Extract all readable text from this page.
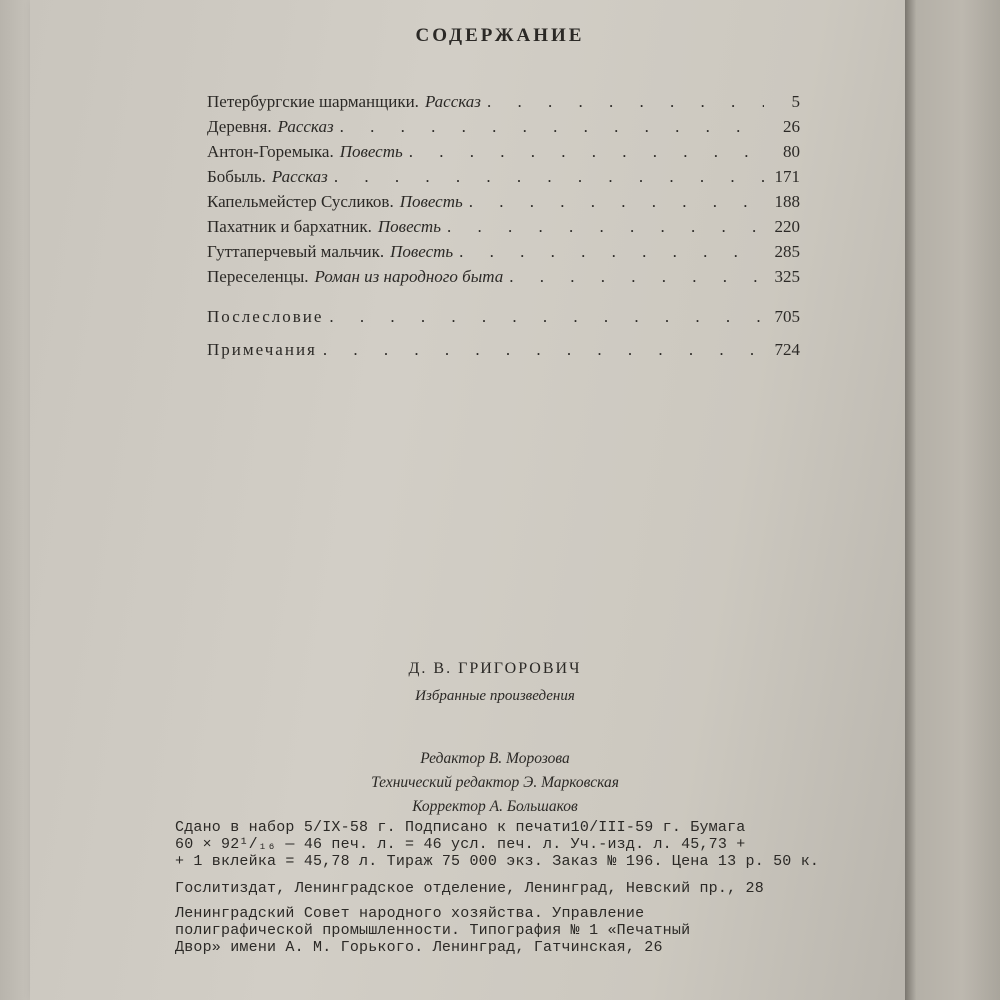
СОДЕРЖАНИЕ
Петербургские шарманщики. Рассказ . . .	5
Деревня. Рассказ . . .	26
Антон-Горемыка. Повесть . . .	80
Бобыль. Рассказ . . .	171
Капельмейстер Сусликов. Повесть . . .	188
Пахатник и бархатник. Повесть . . .	220
Гуттаперчевый мальчик. Повесть . . .	285
Переселенцы. Роман из народного быта . . .	325
Послесловие . . .	705
Примечания . . .	724
Д. В. ГРИГОРОВИЧ
Избранные произведения
Редактор В. Морозова
Технический редактор Э. Марковская
Корректор А. Большаков
Сдано в набор 5/IX-58 г. Подписано к печати10/III-59 г. Бумага
60 × 92¹/₁₆ — 46 печ. л. = 46 усл. печ. л. Уч.-изд. л. 45,73 +
+ 1 вклейка = 45,78 л. Тираж 75 000 экз. Заказ № 196. Цена 13 р. 50 к.
Гослитиздат, Ленинградское отделение, Ленинград, Невский пр., 28
Ленинградский Совет народного хозяйства. Управление
полиграфической промышленности. Типография № 1 «Печатный
Двор» имени А. М. Горького. Ленинград, Гатчинская, 26
